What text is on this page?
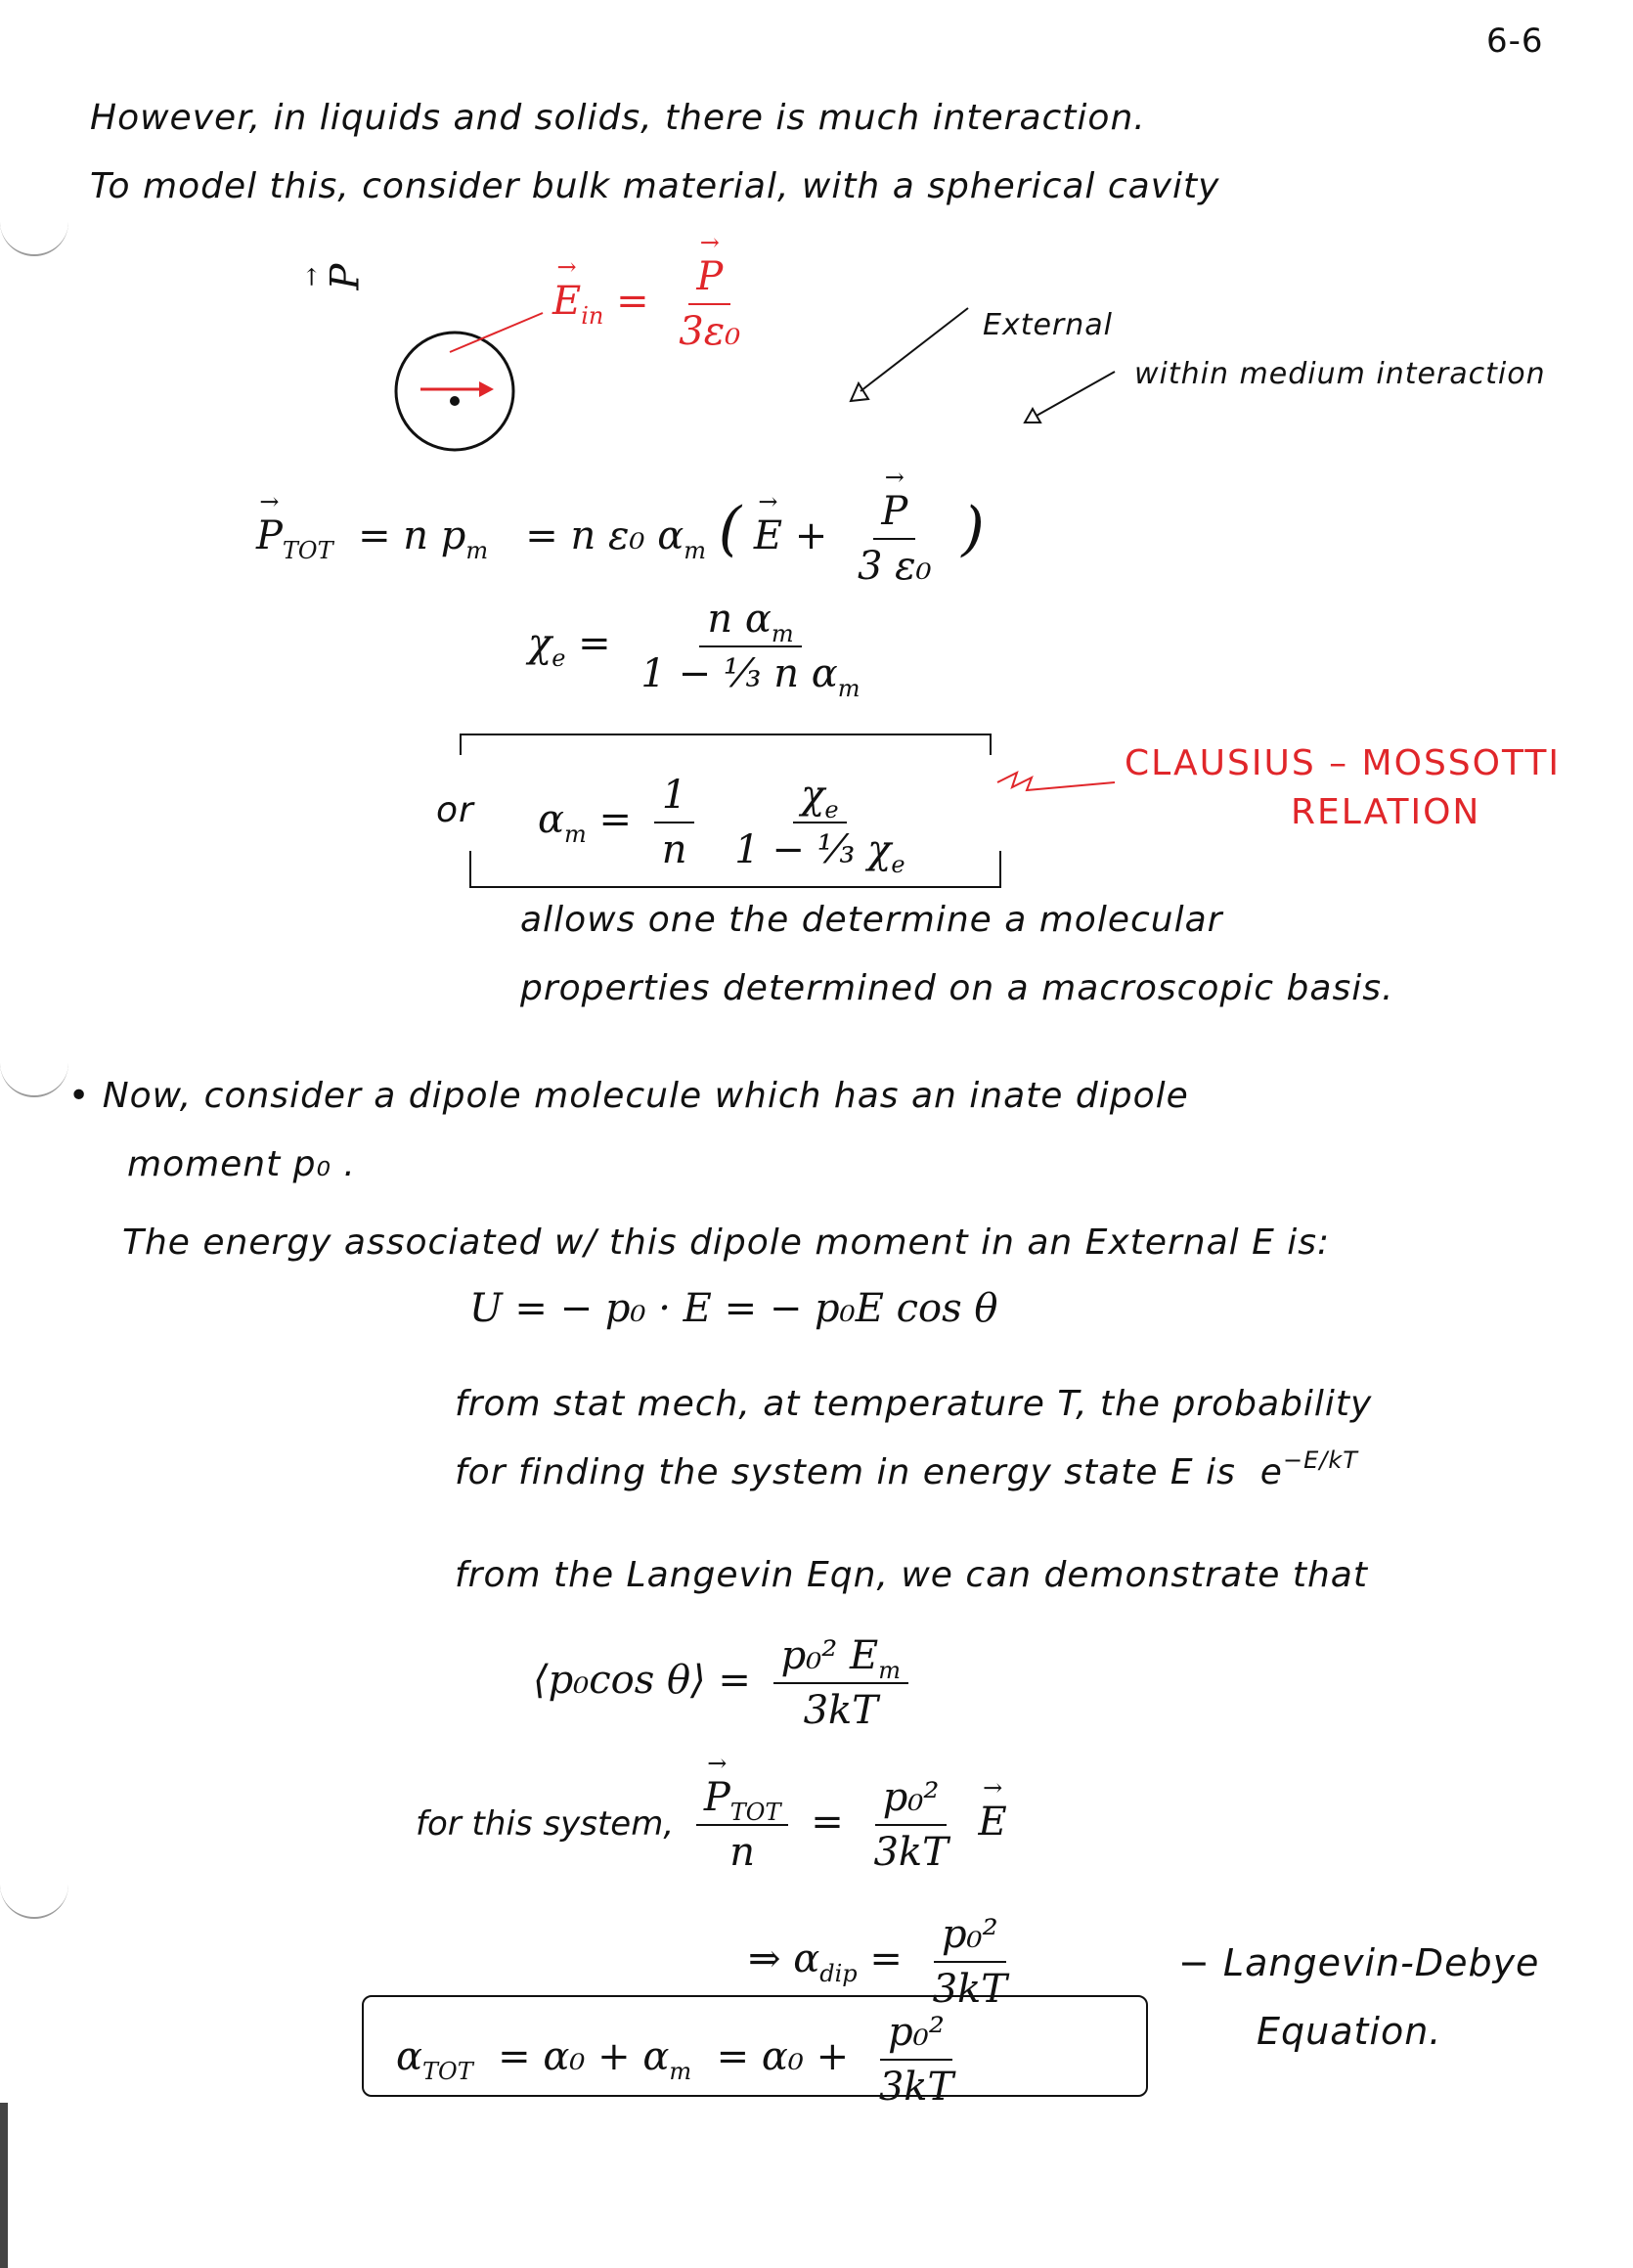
6-6
However, in liquids and solids, there is much interaction.
To model this, consider bulk material, with a spherical cavity
→ P
→ $E_{in}$ =
→ $\frac{P}{\text{3ε₀}}$	External
within medium interaction
→ $P_{TOT} = n$ $p_m = n$ ε₀ $\alpha_m$ ( → E +
→ $\frac{P}{\text{3 ε₀}}$ )
$\chi_e = \frac{n \alpha_m}{1 - \frac{1}{3} n \alpha_m}$
or $\alpha_m = \frac{1}{n}$
$\frac{\chi_e}{1 - \frac{1}{3} \chi_e}$
CLAUSIUS – MOSSOTTI
RELATION
allows one the determine a molecular
properties determined on a macroscopic basis.
• Now, consider a dipole molecule which has an inate dipole
moment p₀ .
The energy associated w/ this dipole moment in an External E is:
U = − p₀ · E = − p₀E cos θ
from stat mech, at temperature T, the probability
for finding the system in energy state E is $e^{-E/kT}$
from the Langevin Eqn, we can demonstrate that
⟨p₀cos θ⟩ = $\frac{p_0^2 E_m}{3kT}$
for this system,
→ $\frac{P_{TOT}}{n} = \frac{\text{p₀²}}{3kT}$
→ E
⇒ $\alpha_{dip} = \frac{\text{p₀²}}{3kT}$
$\alpha_{TOT} = \alpha_0 + \alpha_m = \alpha_0 + \frac{\text{p₀²}}{3kT}$
− Langevin-Debye
Equation.
